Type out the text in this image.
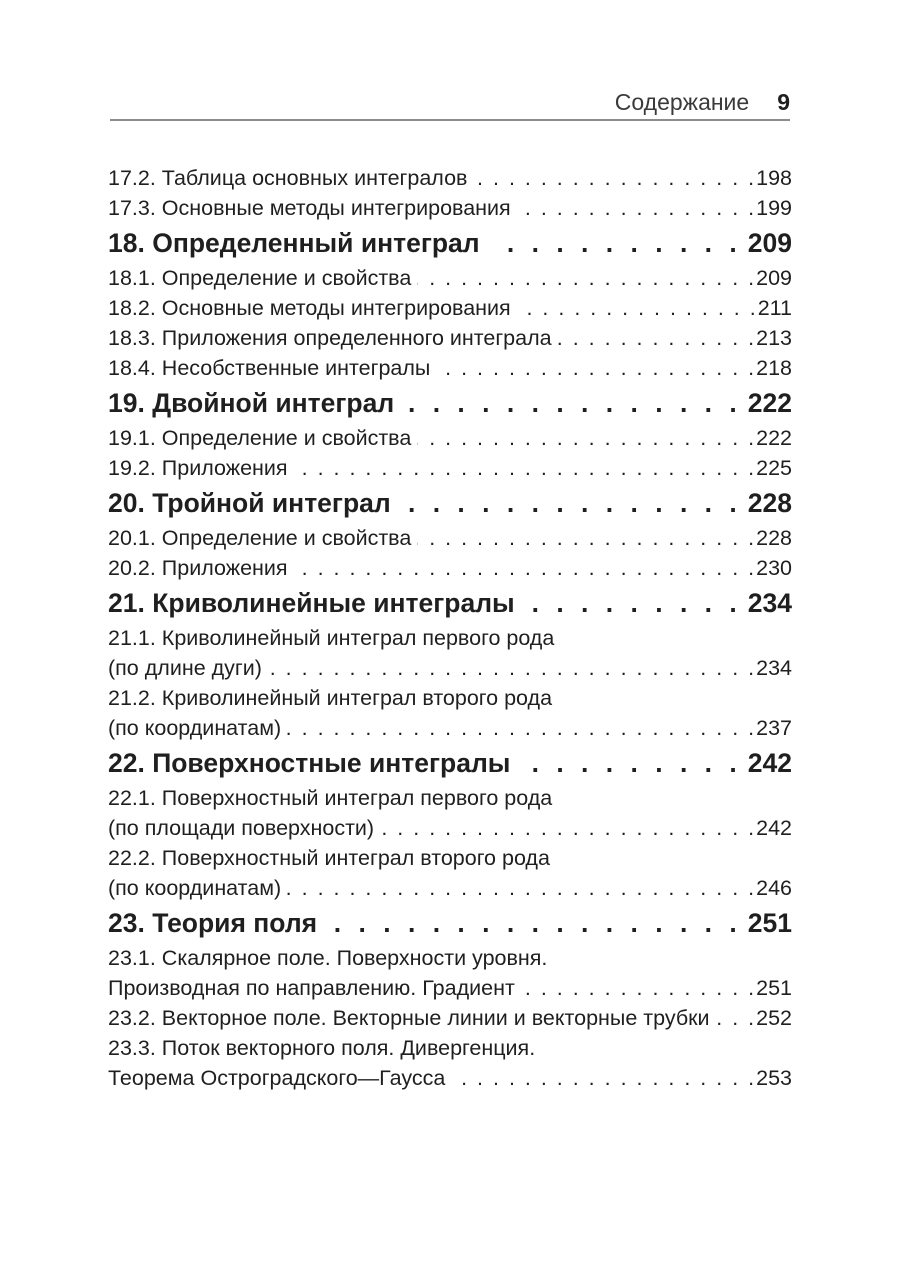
Содержание 9
17.2. Таблица основных интегралов . . .	198
17.3. Основные методы интегрирования . . .	199
18. Определенный интеграл . . .	209
18.1. Определение и свойства . . .	209
18.2. Основные методы интегрирования . . .	211
18.3. Приложения определенного интеграла . . .	213
18.4. Несобственные интегралы . . .	218
19. Двойной интеграл . . .	222
19.1. Определение и свойства . . .	222
19.2. Приложения . . .	225
20. Тройной интеграл . . .	228
20.1. Определение и свойства . . .	228
20.2. Приложения . . .	230
21. Криволинейные интегралы . . .	234
21.1. Криволинейный интеграл первого рода
(по длине дуги) . . .	234
21.2. Криволинейный интеграл второго рода
(по координатам) . . .	237
22. Поверхностные интегралы . . .	242
22.1. Поверхностный интеграл первого рода
(по площади поверхности) . . .	242
22.2. Поверхностный интеграл второго рода
(по координатам) . . .	246
23. Теория поля . . .	251
23.1. Скалярное поле. Поверхности уровня.
Производная по направлению. Градиент . . .	251
23.2. Векторное поле. Векторные линии и векторные трубки . . . 252
23.3. Поток векторного поля. Дивергенция.
Теорема Остроградского—Гаусса . . .	253
